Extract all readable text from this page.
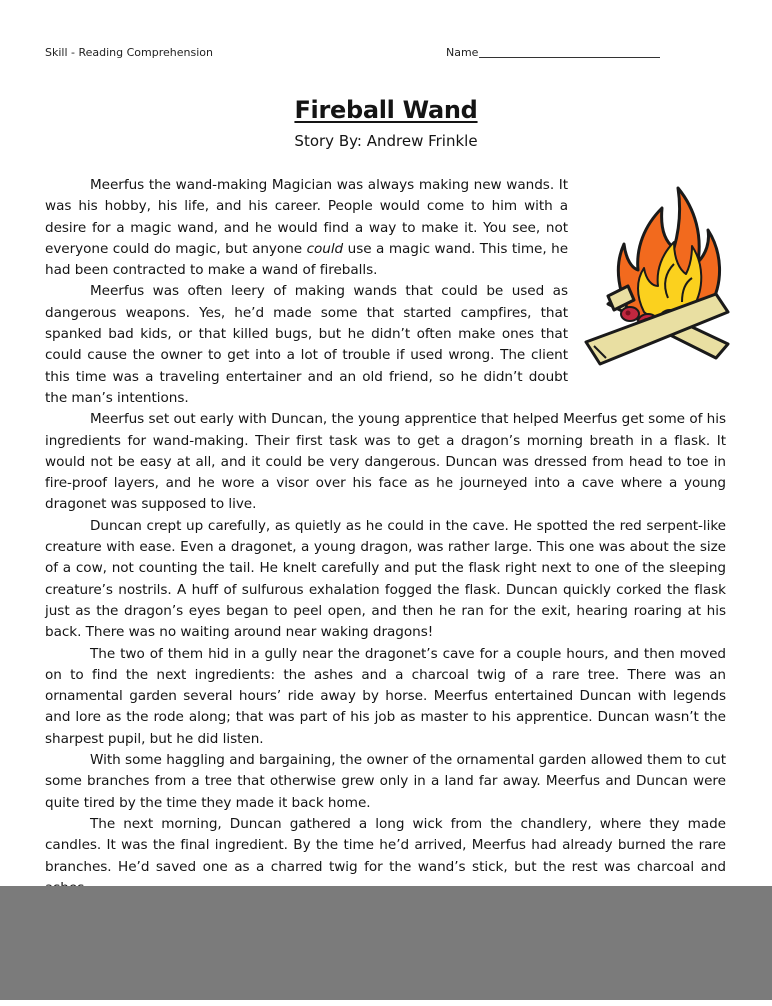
Skill - Reading Comprehension	Name
Fireball Wand
Story By: Andrew Frinkle

Meerfus the wand-making Magician was always making new wands. It was his hobby, his life, and his career. People would come to him with a desire for a magic wand, and he would find a way to make it. You see, not everyone could do magic, but anyone could use a magic wand. This time, he had been contracted to make a wand of fireballs.

Meerfus was often leery of making wands that could be used as dangerous weapons. Yes, he’d made some that started campfires, that spanked bad kids, or that killed bugs, but he didn’t often make ones that could cause the owner to get into a lot of trouble if used wrong. The client this time was a traveling entertainer and an old friend, so he didn’t doubt the man’s intentions.

Meerfus set out early with Duncan, the young apprentice that helped Meerfus get some of his ingredients for wand-making. Their first task was to get a dragon’s morning breath in a flask. It would not be easy at all, and it could be very dangerous. Duncan was dressed from head to toe in fire-proof layers, and he wore a visor over his face as he journeyed into a cave where a young dragonet was supposed to live.

Duncan crept up carefully, as quietly as he could in the cave. He spotted the red serpent-like creature with ease. Even a dragonet, a young dragon, was rather large. This one was about the size of a cow, not counting the tail. He knelt carefully and put the flask right next to one of the sleeping creature’s nostrils. A huff of sulfurous exhalation fogged the flask. Duncan quickly corked the flask just as the dragon’s eyes began to peel open, and then he ran for the exit, hearing roaring at his back. There was no waiting around near waking dragons!

The two of them hid in a gully near the dragonet’s cave for a couple hours, and then moved on to find the next ingredients: the ashes and a charcoal twig of a rare tree. There was an ornamental garden several hours’ ride away by horse. Meerfus entertained Duncan with legends and lore as the rode along; that was part of his job as master to his apprentice. Duncan wasn’t the sharpest pupil, but he did listen.

With some haggling and bargaining, the owner of the ornamental garden allowed them to cut some branches from a tree that otherwise grew only in a land far away. Meerfus and Duncan were quite tired by the time they made it back home.

The next morning, Duncan gathered a long wick from the chandlery, where they made candles. It was the final ingredient. By the time he’d arrived, Meerfus had already burned the rare branches. He’d saved one as a charred twig for the wand’s stick, but the rest was charcoal and
